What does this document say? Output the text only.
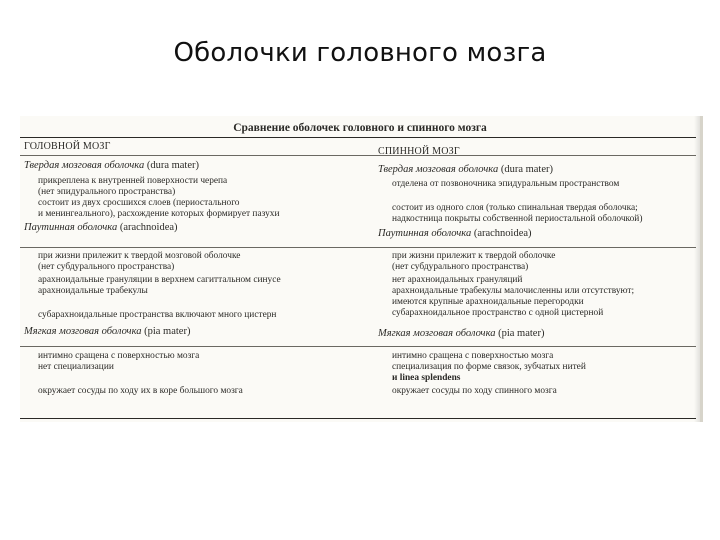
Оболочки головного мозга
Сравнение оболочек головного и спинного мозга
ГОЛОВНОЙ МОЗГ
Твердая мозговая оболочка (dura mater)
прикреплена к внутренней поверхности черепа
(нет эпидурального пространства)
состоит из двух сросшихся слоев (периостального
и менингеального), расхождение которых формирует пазухи
Паутинная оболочка (arachnoidea)
при жизни прилежит к твердой мозговой оболочке
(нет субдурального пространства)
арахноидальные грануляции в верхнем сагиттальном синусе
арахноидальные трабекулы
субарахноидальные пространства включают много цистерн
Мягкая мозговая оболочка (pia mater)
интимно сращена с поверхностью мозга
нет специализации
окружает сосуды по ходу их в коре большого мозга
СПИННОЙ МОЗГ
Твердая мозговая оболочка (dura mater)
отделена от позвоночника эпидуральным пространством
состоит из одного слоя (только спинальная твердая оболочка;
надкостница покрыты собственной периостальной оболочкой)
Паутинная оболочка (arachnoidea)
при жизни прилежит к твердой оболочке
(нет субдурального пространства)
нет арахноидальных грануляций
арахноидальные трабекулы малочисленны или отсутствуют;
имеются крупные арахноидальные перегородки
субарахноидальное пространство с одной цистерной
Мягкая мозговая оболочка (pia mater)
интимно сращена с поверхностью мозга
специализация по форме связок, зубчатых нитей
и linea splendens
окружает сосуды по ходу спинного мозга
